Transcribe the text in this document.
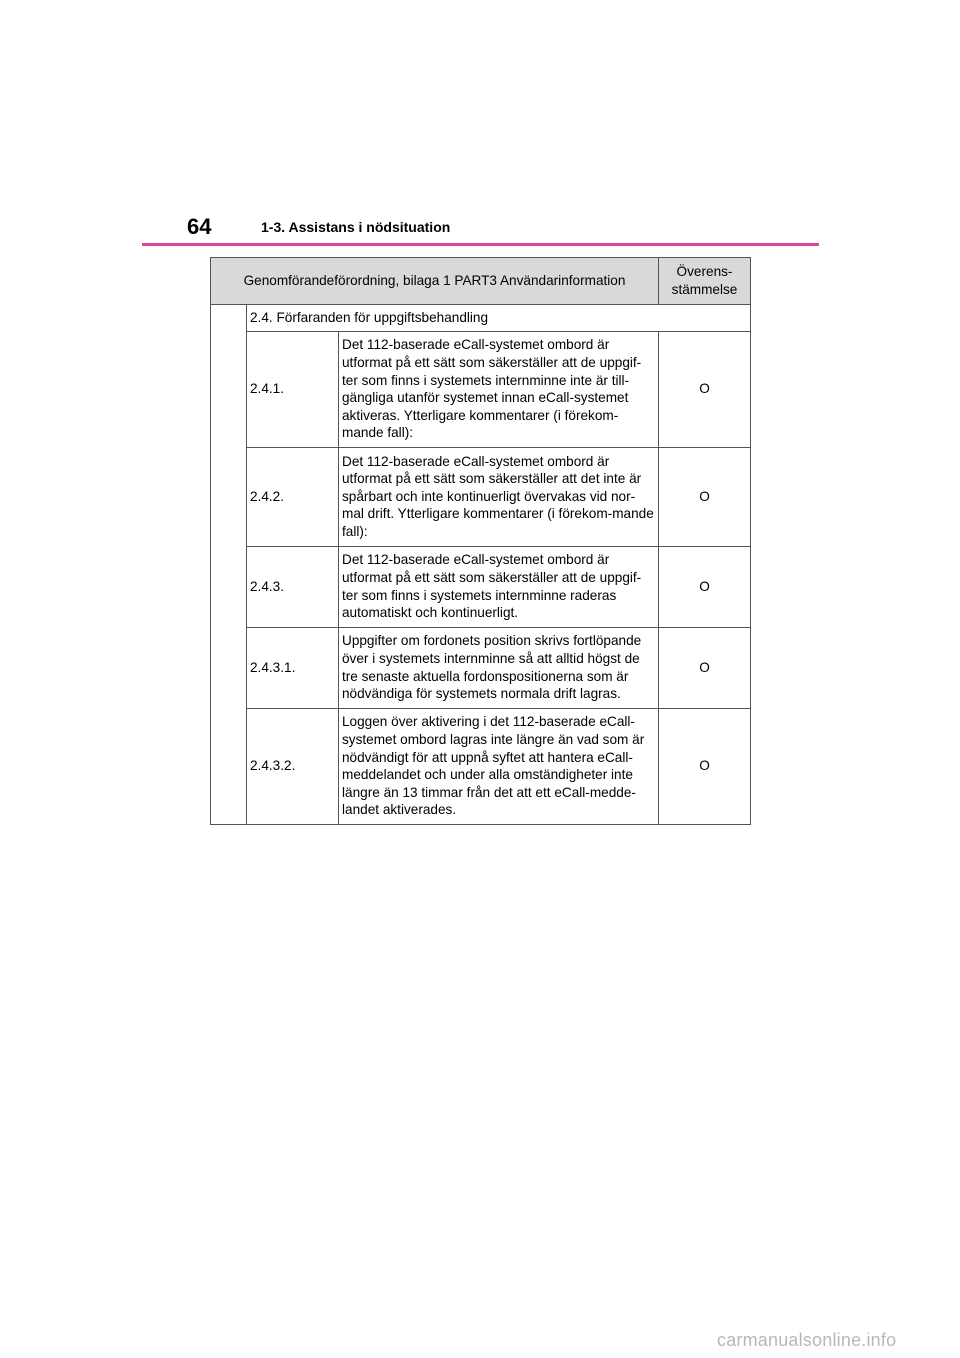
64	1-3. Assistans i nödsituation
Genomförandeförordning, bilaga 1 PART3 Användarinformation			Överens-
stämmelse
	2.4. Förfaranden för uppgiftsbehandling		
	2.4.1.	Det 112-baserade eCall-systemet ombord är utformat på ett sätt som säkerställer att de uppgif-ter som finns i systemets internminne inte är till-gängliga utanför systemet innan eCall-systemet aktiveras. Ytterligare kommentarer (i förekom-mande fall):	O
	2.4.2.	Det 112-baserade eCall-systemet ombord är utformat på ett sätt som säkerställer att det inte är spårbart och inte kontinuerligt övervakas vid nor-mal drift. Ytterligare kommentarer (i förekom-mande fall):	O
	2.4.3.	Det 112-baserade eCall-systemet ombord är utformat på ett sätt som säkerställer att de uppgif-ter som finns i systemets internminne raderas automatiskt och kontinuerligt.	O
	2.4.3.1.	Uppgifter om fordonets position skrivs fortlöpande över i systemets internminne så att alltid högst de tre senaste aktuella fordonspositionerna som är nödvändiga för systemets normala drift lagras.	O
	2.4.3.2.	Loggen över aktivering i det 112-baserade eCall-systemet ombord lagras inte längre än vad som är nödvändigt för att uppnå syftet att hantera eCall-meddelandet och under alla omständigheter inte längre än 13 timmar från det att ett eCall-medde-landet aktiverades.	O
carmanualsonline.info
